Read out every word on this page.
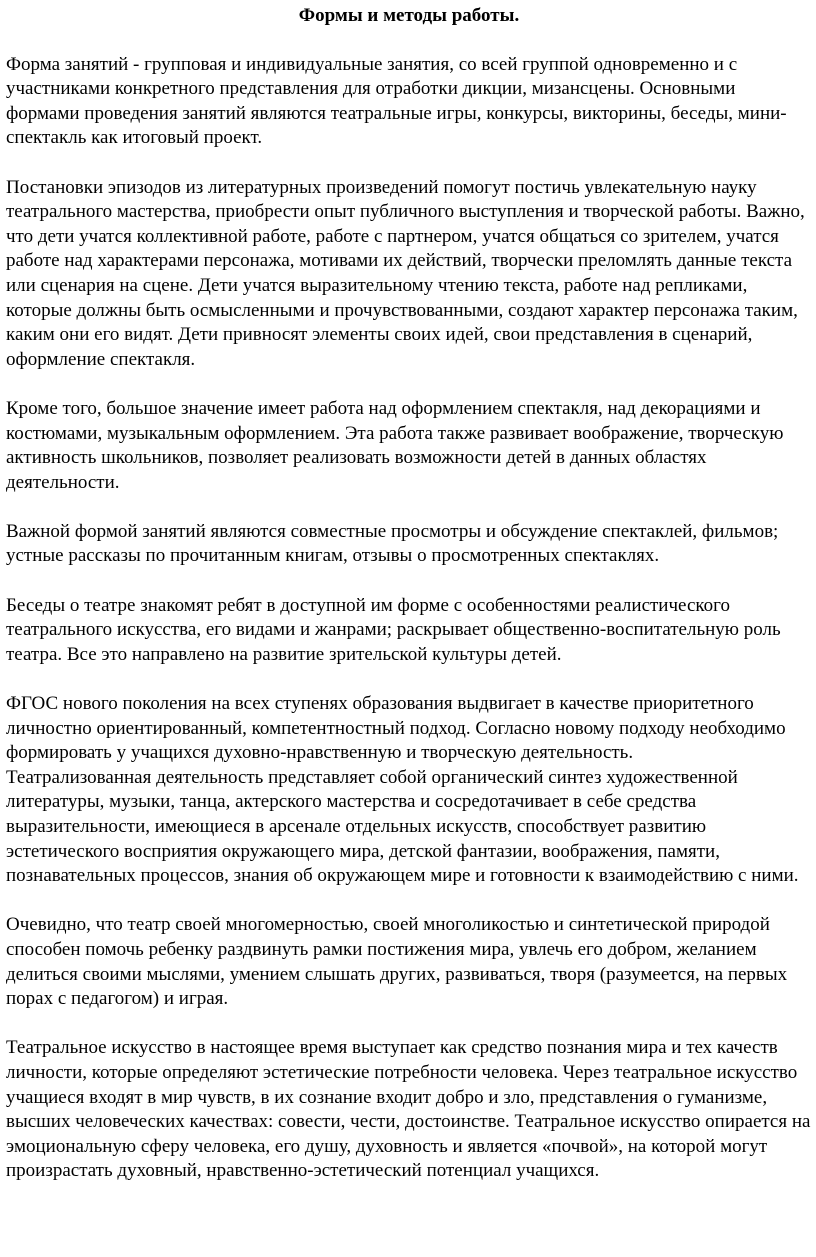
Формы и методы работы.

Форма занятий - групповая и индивидуальные занятия, со всей группой одновременно и с участниками конкретного представления для отработки дикции, мизансцены. Основными формами проведения занятий являются театральные игры, конкурсы, викторины, беседы, мини-спектакль как итоговый проект.

Постановки эпизодов из литературных произведений помогут постичь увлекательную науку театрального мастерства, приобрести опыт публичного выступления и творческой работы. Важно, что дети учатся коллективной работе, работе с партнером, учатся общаться со зрителем, учатся работе над характерами персонажа, мотивами их действий, творчески преломлять данные текста или сценария на сцене. Дети учатся выразительному чтению текста, работе над репликами, которые должны быть осмысленными и прочувствованными, создают характер персонажа таким, каким они его видят. Дети привносят элементы своих идей, свои представления в сценарий, оформление спектакля.

Кроме того, большое значение имеет работа над оформлением спектакля, над декорациями и костюмами, музыкальным оформлением. Эта работа также развивает воображение, творческую активность школьников, позволяет реализовать возможности детей в данных областях деятельности.

Важной формой занятий являются совместные просмотры и обсуждение спектаклей, фильмов; устные рассказы по прочитанным книгам, отзывы о просмотренных спектаклях.

Беседы о театре знакомят ребят в доступной им форме с особенностями реалистического театрального искусства, его видами и жанрами; раскрывает общественно-воспитательную роль театра. Все это направлено на развитие зрительской культуры детей.

ФГОС нового поколения на всех ступенях образования выдвигает в качестве приоритетного личностно ориентированный, компетентностный подход. Согласно новому подходу необходимо формировать у учащихся духовно-нравственную и творческую деятельность.

Театрализованная деятельность представляет собой органический синтез художественной литературы, музыки, танца, актерского мастерства и сосредотачивает в себе средства выразительности, имеющиеся в арсенале отдельных искусств, способствует развитию эстетического восприятия окружающего мира, детской фантазии, воображения, памяти, познавательных процессов, знания об окружающем мире и готовности к взаимодействию с ними.

Очевидно, что театр своей многомерностью, своей многоликостью и синтетической природой способен помочь ребенку раздвинуть рамки постижения мира, увлечь его добром, желанием делиться своими мыслями, умением слышать других, развиваться, творя (разумеется, на первых порах с педагогом) и играя.

Театральное искусство в настоящее время выступает как средство познания мира и тех качеств личности, которые определяют эстетические потребности человека. Через театральное искусство учащиеся входят в мир чувств, в их сознание входит добро и зло, представления о гуманизме, высших человеческих качествах: совести, чести, достоинстве. Театральное искусство опирается на эмоциональную сферу человека, его душу, духовность и является «почвой», на которой могут произрастать духовный, нравственно-эстетический потенциал учащихся.
